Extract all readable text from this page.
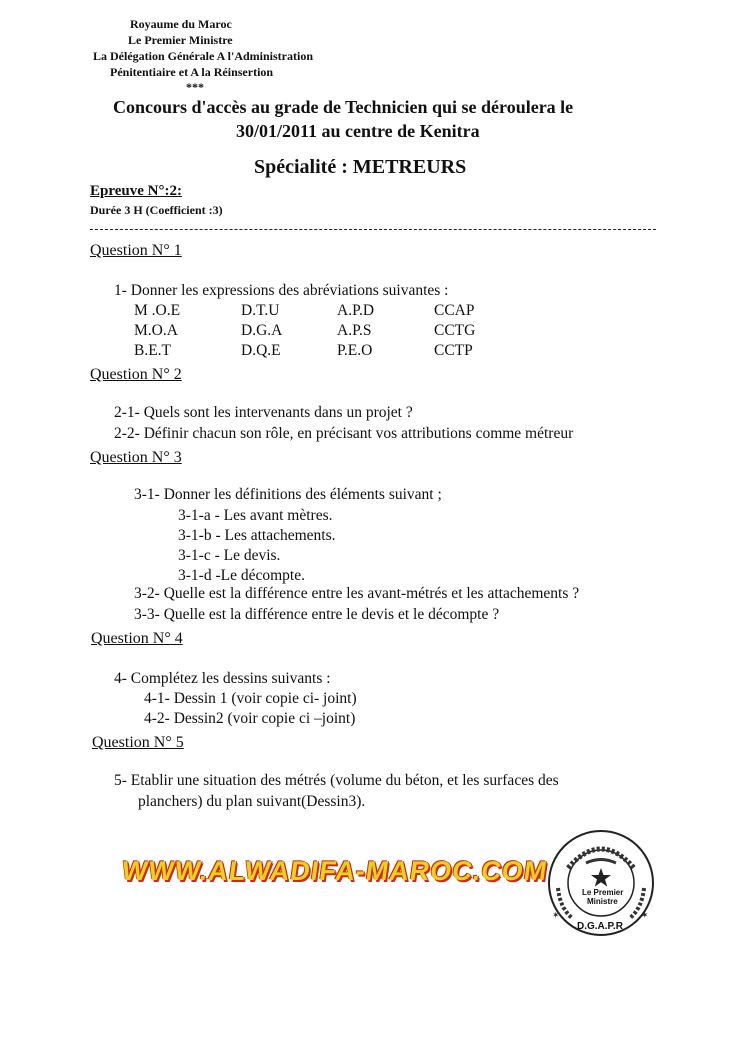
Royaume du Maroc
Le Premier Ministre
La Délégation Générale A l'Administration
Pénitentiaire et A la Réinsertion
***
Concours d'accès au grade de Technicien qui se déroulera le
30/01/2011 au centre de Kenitra
Spécialité : METREURS
Epreuve N°:2:
Durée 3 H (Coefficient :3)
Question N° 1
1- Donner les expressions des abréviations suivantes :
M .O.E	D.T.U	A.P.D	CCAP
M.O.A	D.G.A	A.P.S	CCTG
B.E.T	D.Q.E	P.E.O	CCTP
Question N° 2
2-1- Quels sont les intervenants dans un projet ?
2-2- Définir chacun son rôle, en précisant vos attributions comme métreur
Question N° 3
3-1- Donner les définitions des éléments suivant ;
3-1-a - Les avant mètres.
3-1-b - Les attachements.
3-1-c - Le devis.
3-1-d -Le décompte.
3-2- Quelle est la différence entre les avant-métrés et les attachements ?
3-3- Quelle est la différence entre le devis et le décompte ?
Question N° 4
4- Complétez les dessins suivants :
4-1- Dessin 1 (voir copie ci- joint)
4-2- Dessin2 (voir copie ci –joint)
Question N° 5
5- Etablir une situation des métrés (volume du béton, et les surfaces des
planchers) du plan suivant(Dessin3).
WWW.ALWADIFA-MAROC.COM
✶	✶
Le Premier
Ministre
D.G.A.P.R
